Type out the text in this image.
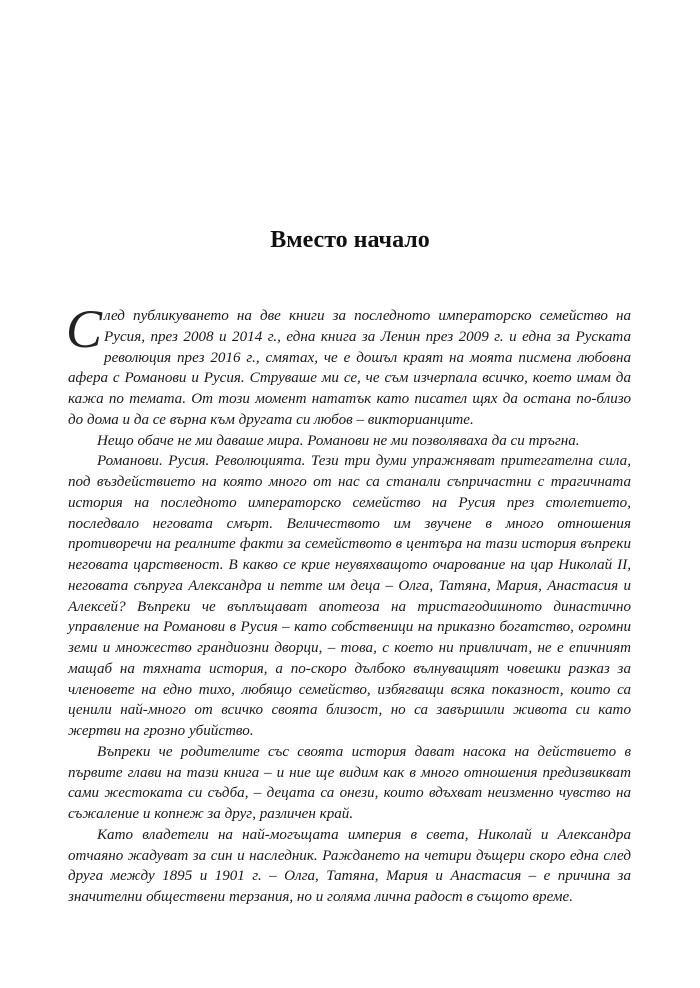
Вместо начало

След публикуването на две книги за последното императорско семейство на Русия, през 2008 и 2014 г., една книга за Ленин през 2009 г. и една за Руската революция през 2016 г., смятах, че е дошъл краят на моята писмена любовна афера с Романови и Русия. Струваше ми се, че съм изчерпала всичко, което имам да кажа по темата. От този момент нататък като писател щях да остана по-близо до дома и да се върна към другата си любов – викторианците.

Нещо обаче не ми даваше мира. Романови не ми позволяваха да си тръгна.

Романови. Русия. Революцията. Тези три думи упражняват притегателна сила, под въздействието на която много от нас са станали съпричастни с трагичната история на последното императорско семейство на Русия през столетието, последвало неговата смърт. Величеството им звучене в много отношения противоречи на реалните факти за семейството в центъра на тази история въпреки неговата царственост. В какво се крие неувяхващото очарование на цар Николай II, неговата съпруга Александра и петте им деца – Олга, Татяна, Мария, Анастасия и Алексей? Въпреки че въплъщават апотеоза на тристагодишното династично управление на Романови в Русия – като собственици на приказно богатство, огромни земи и множество грандиозни дворци, – това, с което ни привличат, не е епичният мащаб на тяхната история, а по-скоро дълбоко вълнуващият човешки разказ за членовете на едно тихо, любящо семейство, избягващи всяка показност, които са ценили най-много от всичко своята близост, но са завършили живота си като жертви на грозно убийство.

Въпреки че родителите със своята история дават насока на действието в първите глави на тази книга – и ние ще видим как в много отношения предизвикват сами жестоката си съдба, – децата са онези, които вдъхват неизменно чувство на съжаление и копнеж за друг, различен край.

Като владетели на най-могъщата империя в света, Николай и Александра отчаяно жадуват за син и наследник. Раждането на четири дъщери скоро една след друга между 1895 и 1901 г. – Олга, Татяна, Мария и Анастасия – е причина за значителни обществени терзания, но и голяма лична радост в същото време.
